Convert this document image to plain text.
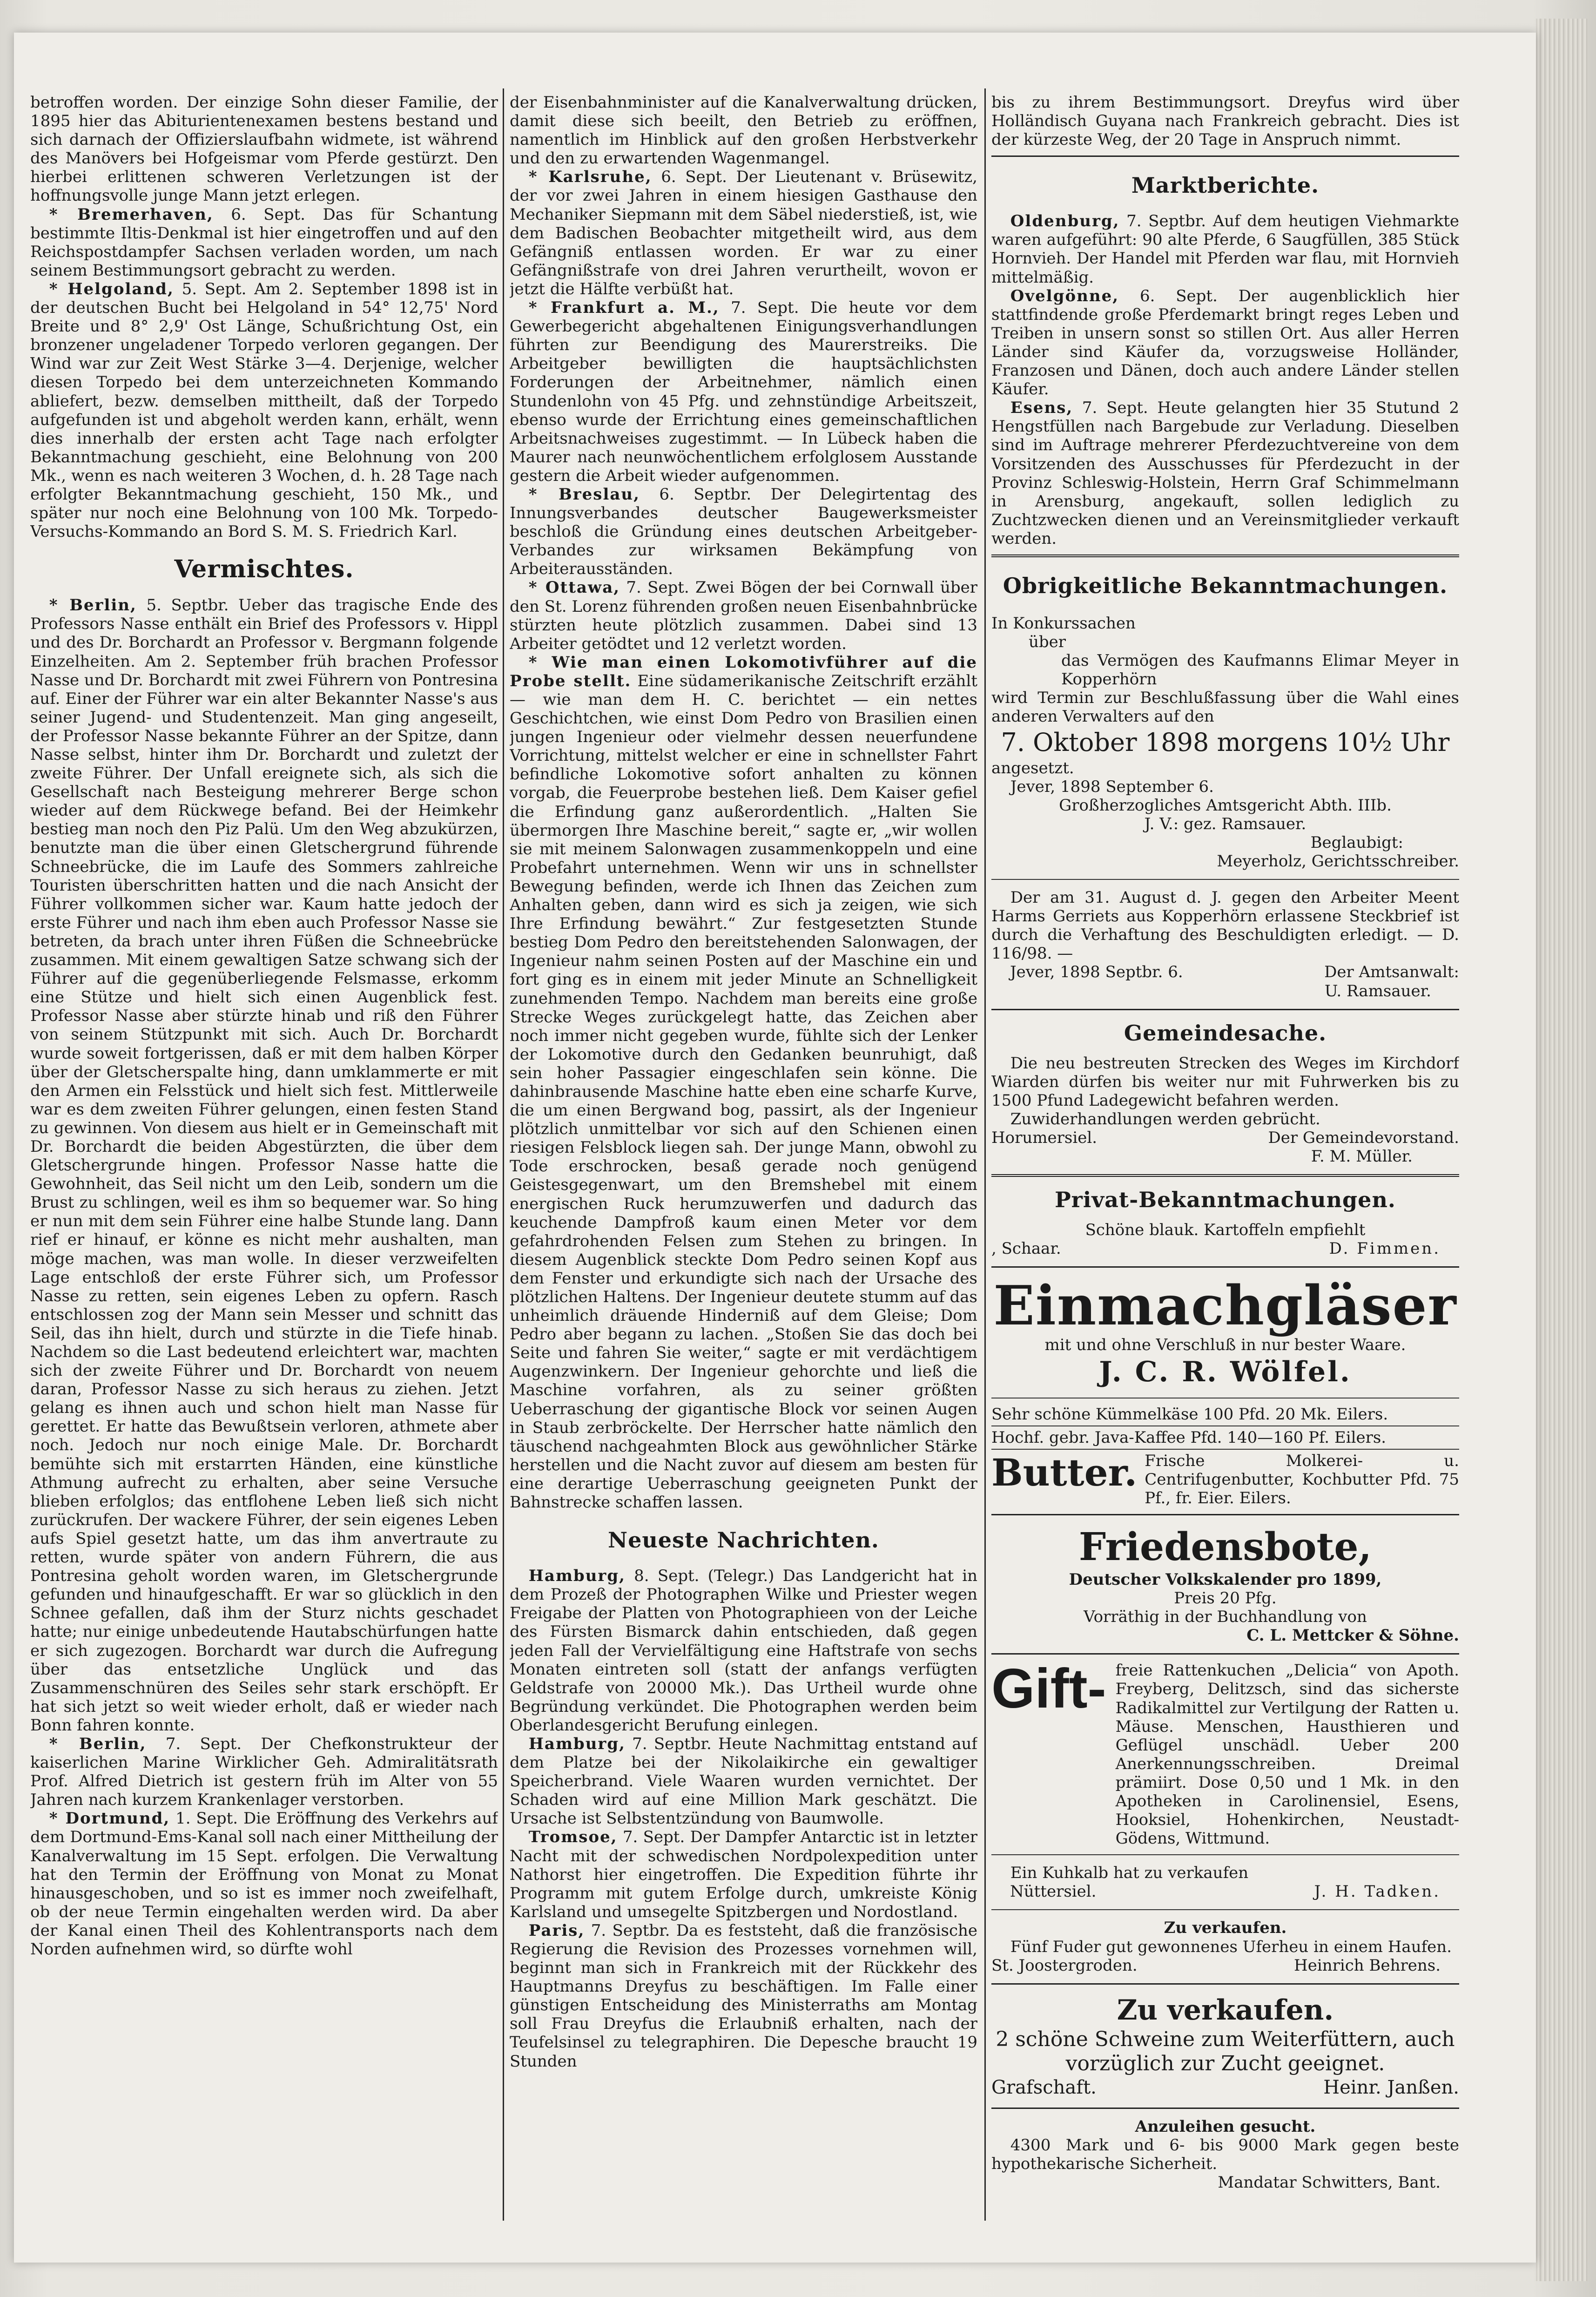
betroffen worden. Der einzige Sohn dieser Familie, der 1895 hier das Abiturientenexamen bestens bestand und sich darnach der Offizierslaufbahn widmete, ist während des Manövers bei Hofgeismar vom Pferde gestürzt. Den hierbei erlittenen schweren Verletzungen ist der hoffnungsvolle junge Mann jetzt erlegen.

* Bremerhaven, 6. Sept. Das für Schantung bestimmte Iltis-Denkmal ist hier eingetroffen und auf den Reichspostdampfer Sachsen verladen worden, um nach seinem Bestimmungsort gebracht zu werden.

* Helgoland, 5. Sept. Am 2. September 1898 ist in der deutschen Bucht bei Helgoland in 54° 12,75' Nord Breite und 8° 2,9' Ost Länge, Schußrichtung Ost, ein bronzener ungeladener Torpedo verloren gegangen. Der Wind war zur Zeit West Stärke 3—4. Derjenige, welcher diesen Torpedo bei dem unterzeichneten Kommando abliefert, bezw. demselben mittheilt, daß der Torpedo aufgefunden ist und abgeholt werden kann, erhält, wenn dies innerhalb der ersten acht Tage nach erfolgter Bekanntmachung geschieht, eine Belohnung von 200 Mk., wenn es nach weiteren 3 Wochen, d. h. 28 Tage nach erfolgter Bekanntmachung geschieht, 150 Mk., und später nur noch eine Belohnung von 100 Mk. Torpedo-Versuchs-Kommando an Bord S. M. S. Friedrich Karl.

Vermischtes.

* Berlin, 5. Septbr. Ueber das tragische Ende des Professors Nasse enthält ein Brief des Professors v. Hippl und des Dr. Borchardt an Professor v. Bergmann folgende Einzelheiten. Am 2. September früh brachen Professor Nasse und Dr. Borchardt mit zwei Führern von Pontresina auf. Einer der Führer war ein alter Bekannter Nasse's aus seiner Jugend- und Studentenzeit. Man ging angeseilt, der Professor Nasse bekannte Führer an der Spitze, dann Nasse selbst, hinter ihm Dr. Borchardt und zuletzt der zweite Führer. Der Unfall ereignete sich, als sich die Gesellschaft nach Besteigung mehrerer Berge schon wieder auf dem Rückwege befand. Bei der Heimkehr bestieg man noch den Piz Palü. Um den Weg abzukürzen, benutzte man die über einen Gletschergrund führende Schneebrücke, die im Laufe des Sommers zahlreiche Touristen überschritten hatten und die nach Ansicht der Führer vollkommen sicher war. Kaum hatte jedoch der erste Führer und nach ihm eben auch Professor Nasse sie betreten, da brach unter ihren Füßen die Schneebrücke zusammen. Mit einem gewaltigen Satze schwang sich der Führer auf die gegenüberliegende Felsmasse, erkomm eine Stütze und hielt sich einen Augenblick fest. Professor Nasse aber stürzte hinab und riß den Führer von seinem Stützpunkt mit sich. Auch Dr. Borchardt wurde soweit fortgerissen, daß er mit dem halben Körper über der Gletscherspalte hing, dann umklammerte er mit den Armen ein Felsstück und hielt sich fest. Mittlerweile war es dem zweiten Führer gelungen, einen festen Stand zu gewinnen. Von diesem aus hielt er in Gemeinschaft mit Dr. Borchardt die beiden Abgestürzten, die über dem Gletschergrunde hingen. Professor Nasse hatte die Gewohnheit, das Seil nicht um den Leib, sondern um die Brust zu schlingen, weil es ihm so bequemer war. So hing er nun mit dem sein Führer eine halbe Stunde lang. Dann rief er hinauf, er könne es nicht mehr aushalten, man möge machen, was man wolle. In dieser verzweifelten Lage entschloß der erste Führer sich, um Professor Nasse zu retten, sein eigenes Leben zu opfern. Rasch entschlossen zog der Mann sein Messer und schnitt das Seil, das ihn hielt, durch und stürzte in die Tiefe hinab. Nachdem so die Last bedeutend erleichtert war, machten sich der zweite Führer und Dr. Borchardt von neuem daran, Professor Nasse zu sich heraus zu ziehen. Jetzt gelang es ihnen auch und schon hielt man Nasse für gerettet. Er hatte das Bewußtsein verloren, athmete aber noch. Jedoch nur noch einige Male. Dr. Borchardt bemühte sich mit erstarrten Händen, eine künstliche Athmung aufrecht zu erhalten, aber seine Versuche blieben erfolglos; das entflohene Leben ließ sich nicht zurückrufen. Der wackere Führer, der sein eigenes Leben aufs Spiel gesetzt hatte, um das ihm anvertraute zu retten, wurde später von andern Führern, die aus Pontresina geholt worden waren, im Gletschergrunde gefunden und hinaufgeschafft. Er war so glücklich in den Schnee gefallen, daß ihm der Sturz nichts geschadet hatte; nur einige unbedeutende Hautabschürfungen hatte er sich zugezogen. Borchardt war durch die Aufregung über das entsetzliche Unglück und das Zusammenschnüren des Seiles sehr stark erschöpft. Er hat sich jetzt so weit wieder erholt, daß er wieder nach Bonn fahren konnte.

* Berlin, 7. Sept. Der Chefkonstrukteur der kaiserlichen Marine Wirklicher Geh. Admiralitätsrath Prof. Alfred Dietrich ist gestern früh im Alter von 55 Jahren nach kurzem Krankenlager verstorben.

* Dortmund, 1. Sept. Die Eröffnung des Verkehrs auf dem Dortmund-Ems-Kanal soll nach einer Mittheilung der Kanalverwaltung im 15 Sept. erfolgen. Die Verwaltung hat den Termin der Eröffnung von Monat zu Monat hinausgeschoben, und so ist es immer noch zweifelhaft, ob der neue Termin eingehalten werden wird. Da aber der Kanal einen Theil des Kohlentransports nach dem Norden aufnehmen wird, so dürfte wohl

der Eisenbahnminister auf die Kanalverwaltung drücken, damit diese sich beeilt, den Betrieb zu eröffnen, namentlich im Hinblick auf den großen Herbstverkehr und den zu erwartenden Wagenmangel.

* Karlsruhe, 6. Sept. Der Lieutenant v. Brüsewitz, der vor zwei Jahren in einem hiesigen Gasthause den Mechaniker Siepmann mit dem Säbel niederstieß, ist, wie dem Badischen Beobachter mitgetheilt wird, aus dem Gefängniß entlassen worden. Er war zu einer Gefängnißstrafe von drei Jahren verurtheilt, wovon er jetzt die Hälfte verbüßt hat.

* Frankfurt a. M., 7. Sept. Die heute vor dem Gewerbegericht abgehaltenen Einigungsverhandlungen führten zur Beendigung des Maurerstreiks. Die Arbeitgeber bewilligten die hauptsächlichsten Forderungen der Arbeitnehmer, nämlich einen Stundenlohn von 45 Pfg. und zehnstündige Arbeitszeit, ebenso wurde der Errichtung eines gemeinschaftlichen Arbeitsnachweises zugestimmt. — In Lübeck haben die Maurer nach neunwöchentlichem erfolglosem Ausstande gestern die Arbeit wieder aufgenommen.

* Breslau, 6. Septbr. Der Delegirtentag des Innungsverbandes deutscher Baugewerksmeister beschloß die Gründung eines deutschen Arbeitgeber-Verbandes zur wirksamen Bekämpfung von Arbeiterausständen.

* Ottawa, 7. Sept. Zwei Bögen der bei Cornwall über den St. Lorenz führenden großen neuen Eisenbahnbrücke stürzten heute plötzlich zusammen. Dabei sind 13 Arbeiter getödtet und 12 verletzt worden.

* Wie man einen Lokomotivführer auf die Probe stellt. Eine südamerikanische Zeitschrift erzählt — wie man dem H. C. berichtet — ein nettes Geschichtchen, wie einst Dom Pedro von Brasilien einen jungen Ingenieur oder vielmehr dessen neuerfundene Vorrichtung, mittelst welcher er eine in schnellster Fahrt befindliche Lokomotive sofort anhalten zu können vorgab, die Feuerprobe bestehen ließ. Dem Kaiser gefiel die Erfindung ganz außerordentlich. „Halten Sie übermorgen Ihre Maschine bereit,“ sagte er, „wir wollen sie mit meinem Salonwagen zusammenkoppeln und eine Probefahrt unternehmen. Wenn wir uns in schnellster Bewegung befinden, werde ich Ihnen das Zeichen zum Anhalten geben, dann wird es sich ja zeigen, wie sich Ihre Erfindung bewährt.“ Zur festgesetzten Stunde bestieg Dom Pedro den bereitstehenden Salonwagen, der Ingenieur nahm seinen Posten auf der Maschine ein und fort ging es in einem mit jeder Minute an Schnelligkeit zunehmenden Tempo. Nachdem man bereits eine große Strecke Weges zurückgelegt hatte, das Zeichen aber noch immer nicht gegeben wurde, fühlte sich der Lenker der Lokomotive durch den Gedanken beunruhigt, daß sein hoher Passagier eingeschlafen sein könne. Die dahinbrausende Maschine hatte eben eine scharfe Kurve, die um einen Bergwand bog, passirt, als der Ingenieur plötzlich unmittelbar vor sich auf den Schienen einen riesigen Felsblock liegen sah. Der junge Mann, obwohl zu Tode erschrocken, besaß gerade noch genügend Geistesgegenwart, um den Bremshebel mit einem energischen Ruck herumzuwerfen und dadurch das keuchende Dampfroß kaum einen Meter vor dem gefahrdrohenden Felsen zum Stehen zu bringen. In diesem Augenblick steckte Dom Pedro seinen Kopf aus dem Fenster und erkundigte sich nach der Ursache des plötzlichen Haltens. Der Ingenieur deutete stumm auf das unheimlich dräuende Hinderniß auf dem Gleise; Dom Pedro aber begann zu lachen. „Stoßen Sie das doch bei Seite und fahren Sie weiter,“ sagte er mit verdächtigem Augenzwinkern. Der Ingenieur gehorchte und ließ die Maschine vorfahren, als zu seiner größten Ueberraschung der gigantische Block vor seinen Augen in Staub zerbröckelte. Der Herrscher hatte nämlich den täuschend nachgeahmten Block aus gewöhnlicher Stärke herstellen und die Nacht zuvor auf diesem am besten für eine derartige Ueberraschung geeigneten Punkt der Bahnstrecke schaffen lassen.

Neueste Nachrichten.

Hamburg, 8. Sept. (Telegr.) Das Landgericht hat in dem Prozeß der Photographen Wilke und Priester wegen Freigabe der Platten von Photographieen von der Leiche des Fürsten Bismarck dahin entschieden, daß gegen jeden Fall der Vervielfältigung eine Haftstrafe von sechs Monaten eintreten soll (statt der anfangs verfügten Geldstrafe von 20000 Mk.). Das Urtheil wurde ohne Begründung verkündet. Die Photographen werden beim Oberlandesgericht Berufung einlegen.

Hamburg, 7. Septbr. Heute Nachmittag entstand auf dem Platze bei der Nikolaikirche ein gewaltiger Speicherbrand. Viele Waaren wurden vernichtet. Der Schaden wird auf eine Million Mark geschätzt. Die Ursache ist Selbstentzündung von Baumwolle.

Tromsoe, 7. Sept. Der Dampfer Antarctic ist in letzter Nacht mit der schwedischen Nordpolexpedition unter Nathorst hier eingetroffen. Die Expedition führte ihr Programm mit gutem Erfolge durch, umkreiste König Karlsland und umsegelte Spitzbergen und Nordostland.

Paris, 7. Septbr. Da es feststeht, daß die französische Regierung die Revision des Prozesses vornehmen will, beginnt man sich in Frankreich mit der Rückkehr des Hauptmanns Dreyfus zu beschäftigen. Im Falle einer günstigen Entscheidung des Ministerraths am Montag soll Frau Dreyfus die Erlaubniß erhalten, nach der Teufelsinsel zu telegraphiren. Die Depesche braucht 19 Stunden

bis zu ihrem Bestimmungsort. Dreyfus wird über Holländisch Guyana nach Frankreich gebracht. Dies ist der kürzeste Weg, der 20 Tage in Anspruch nimmt.

Marktberichte.

Oldenburg, 7. Septbr. Auf dem heutigen Viehmarkte waren aufgeführt: 90 alte Pferde, 6 Saugfüllen, 385 Stück Hornvieh. Der Handel mit Pferden war flau, mit Hornvieh mittelmäßig.

Ovelgönne, 6. Sept. Der augenblicklich hier stattfindende große Pferdemarkt bringt reges Leben und Treiben in unsern sonst so stillen Ort. Aus aller Herren Länder sind Käufer da, vorzugsweise Holländer, Franzosen und Dänen, doch auch andere Länder stellen Käufer.

Esens, 7. Sept. Heute gelangten hier 35 Stutund 2 Hengstfüllen nach Bargebude zur Verladung. Dieselben sind im Auftrage mehrerer Pferdezuchtvereine von dem Vorsitzenden des Ausschusses für Pferdezucht in der Provinz Schleswig-Holstein, Herrn Graf Schimmelmann in Arensburg, angekauft, sollen lediglich zu Zuchtzwecken dienen und an Vereinsmitglieder verkauft werden.

Obrigkeitliche Bekanntmachungen.

In Konkurssachen

über

das Vermögen des Kaufmanns Elimar Meyer in Kopperhörn

wird Termin zur Beschlußfassung über die Wahl eines anderen Verwalters auf den

7. Oktober 1898 morgens 10½ Uhr

angesetzt.

Jever, 1898 September 6.

Großherzogliches Amtsgericht Abth. IIIb.

J. V.: gez. Ramsauer.

Beglaubigt:

Meyerholz, Gerichtsschreiber.

Der am 31. August d. J. gegen den Arbeiter Meent Harms Gerriets aus Kopperhörn erlassene Steckbrief ist durch die Verhaftung des Beschuldigten erledigt. — D. 116/98. —

Jever, 1898 Septbr. 6.	Der Amtsanwalt:

U. Ramsauer.

Gemeindesache.

Die neu bestreuten Strecken des Weges im Kirchdorf Wiarden dürfen bis weiter nur mit Fuhrwerken bis zu 1500 Pfund Ladegewicht befahren werden.

Zuwiderhandlungen werden gebrücht.

Horumersiel.	Der Gemeindevorstand.

F. M. Müller.

Privat-Bekanntmachungen.

Schöne blauk. Kartoffeln empfiehlt

, Schaar.	D. Fimmen.
Einmachgläser

mit und ohne Verschluß in nur bester Waare.

J. C. R. Wölfel.

Sehr schöne Kümmelkäse 100 Pfd. 20 Mk. Eilers.

Hochf. gebr. Java-Kaffee Pfd. 140—160 Pf. Eilers.

Butter. Frische Molkerei- u. Centrifugenbutter, Kochbutter Pfd. 75 Pf., fr. Eier. Eilers.
Friedensbote,

Deutscher Volkskalender pro 1899,

Preis 20 Pfg.

Vorräthig in der Buchhandlung von

C. L. Mettcker & Söhne.

Gift- freie Rattenkuchen „Delicia“ von Apoth. Freyberg, Delitzsch, sind das sicherste Radikalmittel zur Vertilgung der Ratten u. Mäuse. Menschen, Hausthieren und Geflügel unschädl. Ueber 200 Anerkennungsschreiben. Dreimal prämiirt. Dose 0,50 und 1 Mk. in den Apotheken in Carolinensiel, Esens, Hooksiel, Hohenkirchen, Neustadt-Gödens, Wittmund.

Ein Kuhkalb hat zu verkaufen

Nüttersiel.	J. H. Tadken.

Zu verkaufen.

Fünf Fuder gut gewonnenes Uferheu in einem Haufen.

St. Joostergroden.	Heinrich Behrens.
Zu verkaufen.

2 schöne Schweine zum Weiterfüttern, auch vorzüglich zur Zucht geeignet.

Grafschaft.	Heinr. Janßen.

Anzuleihen gesucht.

4300 Mark und 6- bis 9000 Mark gegen beste hypothekarische Sicherheit.

Mandatar Schwitters, Bant.
